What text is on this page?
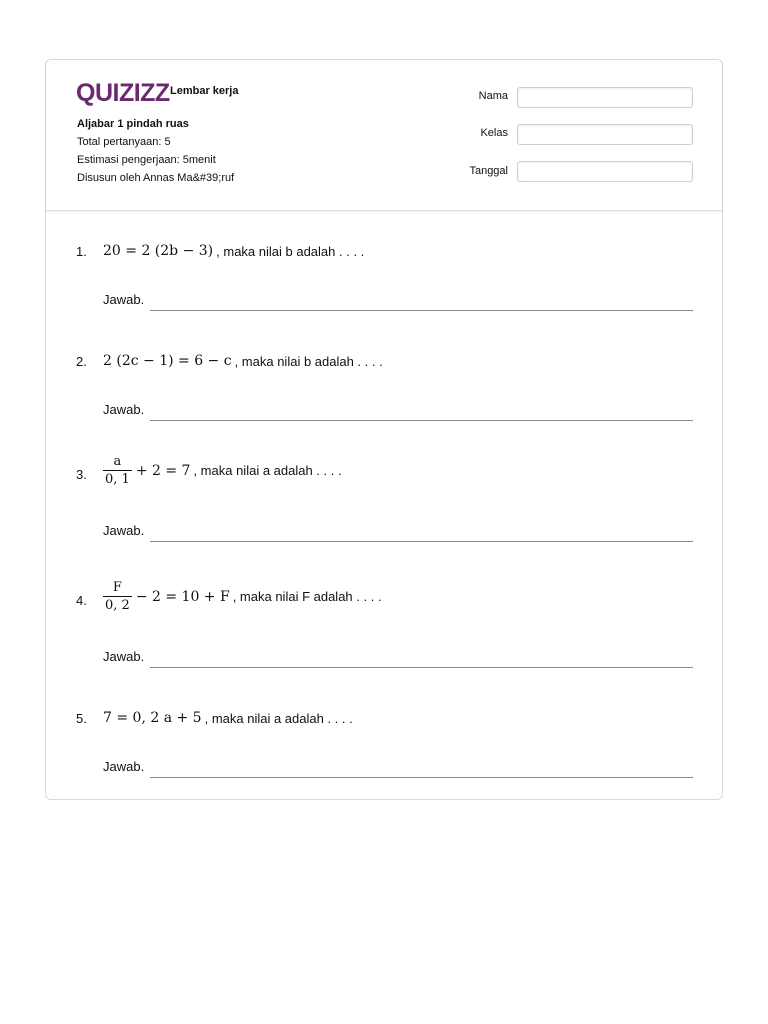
QUIZIZZ Lembar kerja
Aljabar 1 pindah ruas
Total pertanyaan: 5
Estimasi pengerjaan: 5menit
Disusun oleh Annas Ma&#39;ruf
Nama
Kelas
Tanggal
1. 20 = 2 (2b − 3) , maka nilai b adalah . . . .
Jawab.
2. 2 (2c − 1) = 6 − c , maka nilai b adalah . . . .
Jawab.
3. $\frac{a}{0, 1} + 2 = 7$ , maka nilai a adalah . . . .
Jawab.
4. $\frac{F}{0, 2} - 2 = 10 + F$ , maka nilai F adalah . . . .
Jawab.
5. 7 = 0, 2 a + 5 , maka nilai a adalah . . . .
Jawab.
